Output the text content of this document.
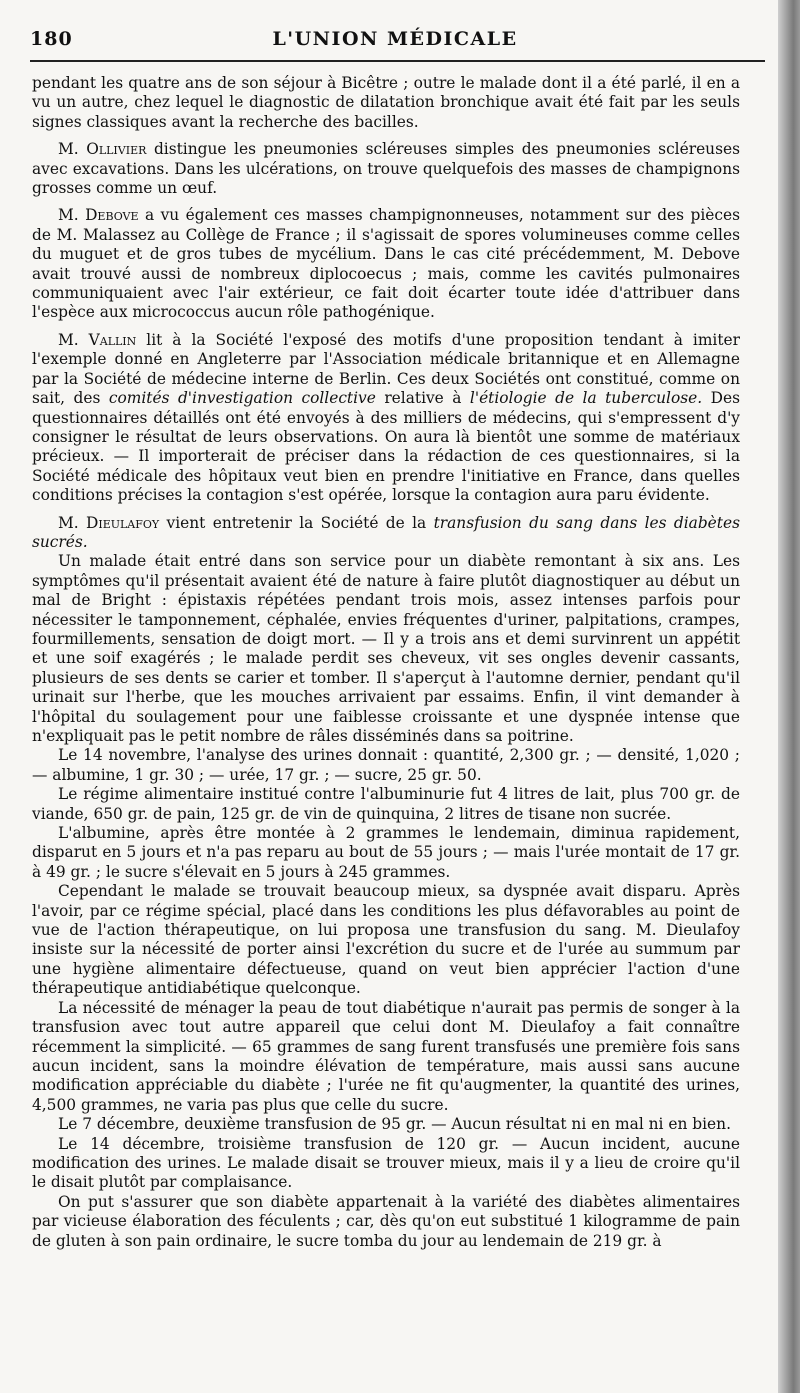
180	L'UNION MÉDICALE

pendant les quatre ans de son séjour à Bicêtre ; outre le malade dont il a été parlé, il en a vu un autre, chez lequel le diagnostic de dilatation bronchique avait été fait par les seuls signes classiques avant la recherche des bacilles.

M. Ollivier distingue les pneumonies scléreuses simples des pneumonies scléreuses avec excavations. Dans les ulcérations, on trouve quelquefois des masses de champignons grosses comme un œuf.

M. Debove a vu également ces masses champignonneuses, notamment sur des pièces de M. Malassez au Collège de France ; il s'agissait de spores volumineuses comme celles du muguet et de gros tubes de mycélium. Dans le cas cité précédemment, M. Debove avait trouvé aussi de nombreux diplocoecus ; mais, comme les cavités pulmonaires communiquaient avec l'air extérieur, ce fait doit écarter toute idée d'attribuer dans l'espèce aux micrococcus aucun rôle pathogénique.

M. Vallin lit à la Société l'exposé des motifs d'une proposition tendant à imiter l'exemple donné en Angleterre par l'Association médicale britannique et en Allemagne par la Société de médecine interne de Berlin. Ces deux Sociétés ont constitué, comme on sait, des comités d'investigation collective relative à l'étiologie de la tuberculose. Des questionnaires détaillés ont été envoyés à des milliers de médecins, qui s'empressent d'y consigner le résultat de leurs observations. On aura là bientôt une somme de matériaux précieux. — Il importerait de préciser dans la rédaction de ces questionnaires, si la Société médicale des hôpitaux veut bien en prendre l'initiative en France, dans quelles conditions précises la contagion s'est opérée, lorsque la contagion aura paru évidente.

M. Dieulafoy vient entretenir la Société de la transfusion du sang dans les diabètes sucrés.

Un malade était entré dans son service pour un diabète remontant à six ans. Les symptômes qu'il présentait avaient été de nature à faire plutôt diagnostiquer au début un mal de Bright : épistaxis répétées pendant trois mois, assez intenses parfois pour nécessiter le tamponnement, céphalée, envies fréquentes d'uriner, palpitations, crampes, fourmillements, sensation de doigt mort. — Il y a trois ans et demi survinrent un appétit et une soif exagérés ; le malade perdit ses cheveux, vit ses ongles devenir cassants, plusieurs de ses dents se carier et tomber. Il s'aperçut à l'automne dernier, pendant qu'il urinait sur l'herbe, que les mouches arrivaient par essaims. Enfin, il vint demander à l'hôpital du soulagement pour une faiblesse croissante et une dyspnée intense que n'expliquait pas le petit nombre de râles disséminés dans sa poitrine.

Le 14 novembre, l'analyse des urines donnait : quantité, 2,300 gr. ; — densité, 1,020 ; — albumine, 1 gr. 30 ; — urée, 17 gr. ; — sucre, 25 gr. 50.

Le régime alimentaire institué contre l'albuminurie fut 4 litres de lait, plus 700 gr. de viande, 650 gr. de pain, 125 gr. de vin de quinquina, 2 litres de tisane non sucrée.

L'albumine, après être montée à 2 grammes le lendemain, diminua rapidement, disparut en 5 jours et n'a pas reparu au bout de 55 jours ; — mais l'urée montait de 17 gr. à 49 gr. ; le sucre s'élevait en 5 jours à 245 grammes.

Cependant le malade se trouvait beaucoup mieux, sa dyspnée avait disparu. Après l'avoir, par ce régime spécial, placé dans les conditions les plus défavorables au point de vue de l'action thérapeutique, on lui proposa une transfusion du sang. M. Dieulafoy insiste sur la nécessité de porter ainsi l'excrétion du sucre et de l'urée au summum par une hygiène alimentaire défectueuse, quand on veut bien apprécier l'action d'une thérapeutique antidiabétique quelconque.

La nécessité de ménager la peau de tout diabétique n'aurait pas permis de songer à la transfusion avec tout autre appareil que celui dont M. Dieulafoy a fait connaître récemment la simplicité. — 65 grammes de sang furent transfusés une première fois sans aucun incident, sans la moindre élévation de température, mais aussi sans aucune modification appréciable du diabète ; l'urée ne fit qu'augmenter, la quantité des urines, 4,500 grammes, ne varia pas plus que celle du sucre.

Le 7 décembre, deuxième transfusion de 95 gr. — Aucun résultat ni en mal ni en bien.

Le 14 décembre, troisième transfusion de 120 gr. — Aucun incident, aucune modification des urines. Le malade disait se trouver mieux, mais il y a lieu de croire qu'il le disait plutôt par complaisance.

On put s'assurer que son diabète appartenait à la variété des diabètes alimentaires par vicieuse élaboration des féculents ; car, dès qu'on eut substitué 1 kilogramme de pain de gluten à son pain ordinaire, le sucre tomba du jour au lendemain de 219 gr. à
